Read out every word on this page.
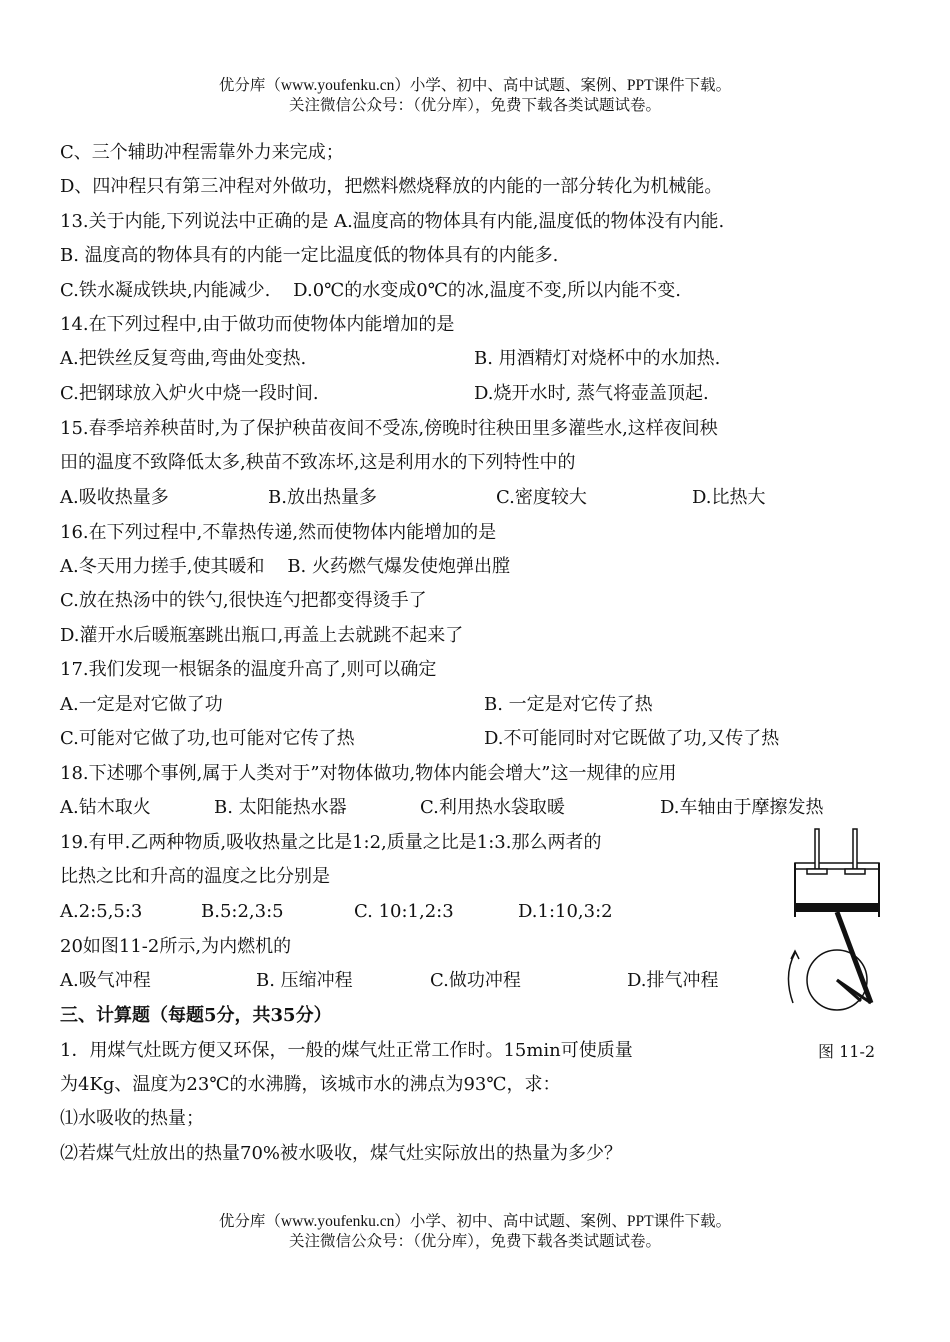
优分库（www.youfenku.cn）小学、初中、高中试题、案例、PPT课件下载。
关注微信公众号：（优分库），免费下载各类试题试卷。
C、三个辅助冲程需靠外力来完成；
D、四冲程只有第三冲程对外做功，把燃料燃烧释放的内能的一部分转化为机械能。
13.关于内能,下列说法中正确的是 A.温度高的物体具有内能,温度低的物体没有内能.
B. 温度高的物体具有的内能一定比温度低的物体具有的内能多.
C.铁水凝成铁块,内能减少.    D.0℃的水变成0℃的冰,温度不变,所以内能不变.
14.在下列过程中,由于做功而使物体内能增加的是
A.把铁丝反复弯曲,弯曲处变热.	B. 用酒精灯对烧杯中的水加热.
C.把钢球放入炉火中烧一段时间.	D.烧开水时, 蒸气将壶盖顶起.
15.春季培养秧苗时,为了保护秧苗夜间不受冻,傍晚时往秧田里多灌些水,这样夜间秧
田的温度不致降低太多,秧苗不致冻坏,这是利用水的下列特性中的
A.吸收热量多	B.放出热量多	C.密度较大	D.比热大
16.在下列过程中,不靠热传递,然而使物体内能增加的是
A.冬天用力搓手,使其暖和    B. 火药燃气爆发使炮弹出膛
C.放在热汤中的铁勺,很快连勺把都变得烫手了
D.灌开水后暖瓶塞跳出瓶口,再盖上去就跳不起来了
17.我们发现一根锯条的温度升高了,则可以确定
A.一定是对它做了功	B. 一定是对它传了热
C.可能对它做了功,也可能对它传了热	D.不可能同时对它既做了功,又传了热
18.下述哪个事例,属于人类对于”对物体做功,物体内能会增大”这一规律的应用
A.钻木取火	B. 太阳能热水器	C.利用热水袋取暖	D.车轴由于摩擦发热
19.有甲.乙两种物质,吸收热量之比是1:2,质量之比是1:3.那么两者的
比热之比和升高的温度之比分别是
A.2:5,5:3	B.5:2,3:5	C. 10:1,2:3	D.1:10,3:2
20如图11-2所示,为内燃机的
A.吸气冲程	B. 压缩冲程	C.做功冲程	D.排气冲程
三、计算题（每题5分，共35分）
1．用煤气灶既方便又环保，一般的煤气灶正常工作时。15min可使质量
为4Kg、温度为23℃的水沸腾，该城市水的沸点为93℃，求：
⑴水吸收的热量；
⑵若煤气灶放出的热量70%被水吸收，煤气灶实际放出的热量为多少？
图 11-2
优分库（www.youfenku.cn）小学、初中、高中试题、案例、PPT课件下载。
关注微信公众号：（优分库），免费下载各类试题试卷。
